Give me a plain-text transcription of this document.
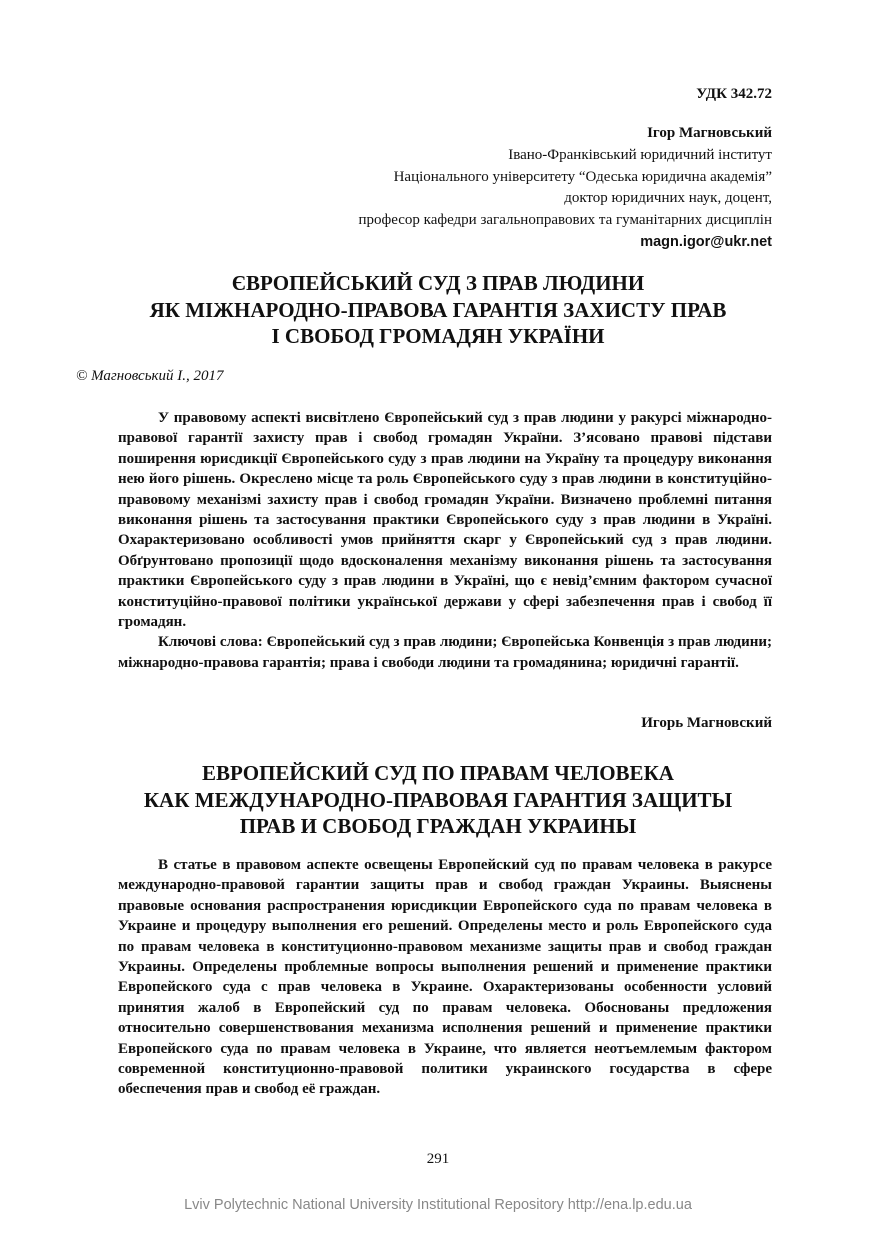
УДК 342.72
Ігор Магновський
Івано-Франківський юридичний інститут
Національного університету “Одеська юридична академія”
доктор юридичних наук, доцент,
професор кафедри загальноправових та гуманітарних дисциплін
magn.igor@ukr.net
ЄВРОПЕЙСЬКИЙ СУД З ПРАВ ЛЮДИНИ
ЯК МІЖНАРОДНО-ПРАВОВА ГАРАНТІЯ ЗАХИСТУ ПРАВ
І СВОБОД ГРОМАДЯН УКРАЇНИ
© Магновський І., 2017

У правовому аспекті висвітлено Європейський суд з прав людини у ракурсі міжнародно-правової гарантії захисту прав і свобод громадян України. З’ясовано правові підстави поширення юрисдикції Європейського суду з прав людини на Україну та процедуру виконання нею його рішень. Окреслено місце та роль Європейського суду з прав людини в конституційно-правовому механізмі захисту прав і свобод громадян України. Визначено проблемні питання виконання рішень та застосування практики Європейського суду з прав людини в Україні. Охарактеризовано особливості умов прийняття скарг у Європейський суд з прав людини. Обґрунтовано пропозиції щодо вдосконалення механізму виконання рішень та застосування практики Європейського суду з прав людини в Україні, що є невід’ємним фактором сучасної конституційно-правової політики української держави у сфері забезпечення прав і свобод її громадян.

Ключові слова: Європейський суд з прав людини; Європейська Конвенція з прав людини; міжнародно-правова гарантія; права і свободи людини та громадянина; юридичні гарантії.

Игорь Магновский
ЕВРОПЕЙСКИЙ СУД ПО ПРАВАМ ЧЕЛОВЕКА
КАК МЕЖДУНАРОДНО-ПРАВОВАЯ ГАРАНТИЯ ЗАЩИТЫ
ПРАВ И СВОБОД ГРАЖДАН УКРАИНЫ

В статье в правовом аспекте освещены Европейский суд по правам человека в ракурсе международно-правовой гарантии защиты прав и свобод граждан Украины. Выяснены правовые основания распространения юрисдикции Европейского суда по правам человека в Украине и процедуру выполнения его решений. Определены место и роль Европейского суда по правам человека в конституционно-правовом механизме защиты прав и свобод граждан Украины. Определены проблемные вопросы выполнения решений и применение практики Европейского суда с прав человека в Украине. Охарактеризованы особенности условий принятия жалоб в Европейский суд по правам человека. Обоснованы предложения относительно совершенствования механизма исполнения решений и применение практики Европейского суда по правам человека в Украине, что является неотъемлемым фактором современной конституционно-правовой политики украинского государства в сфере обеспечения прав и свобод её граждан.

291
Lviv Polytechnic National University Institutional Repository http://ena.lp.edu.ua
